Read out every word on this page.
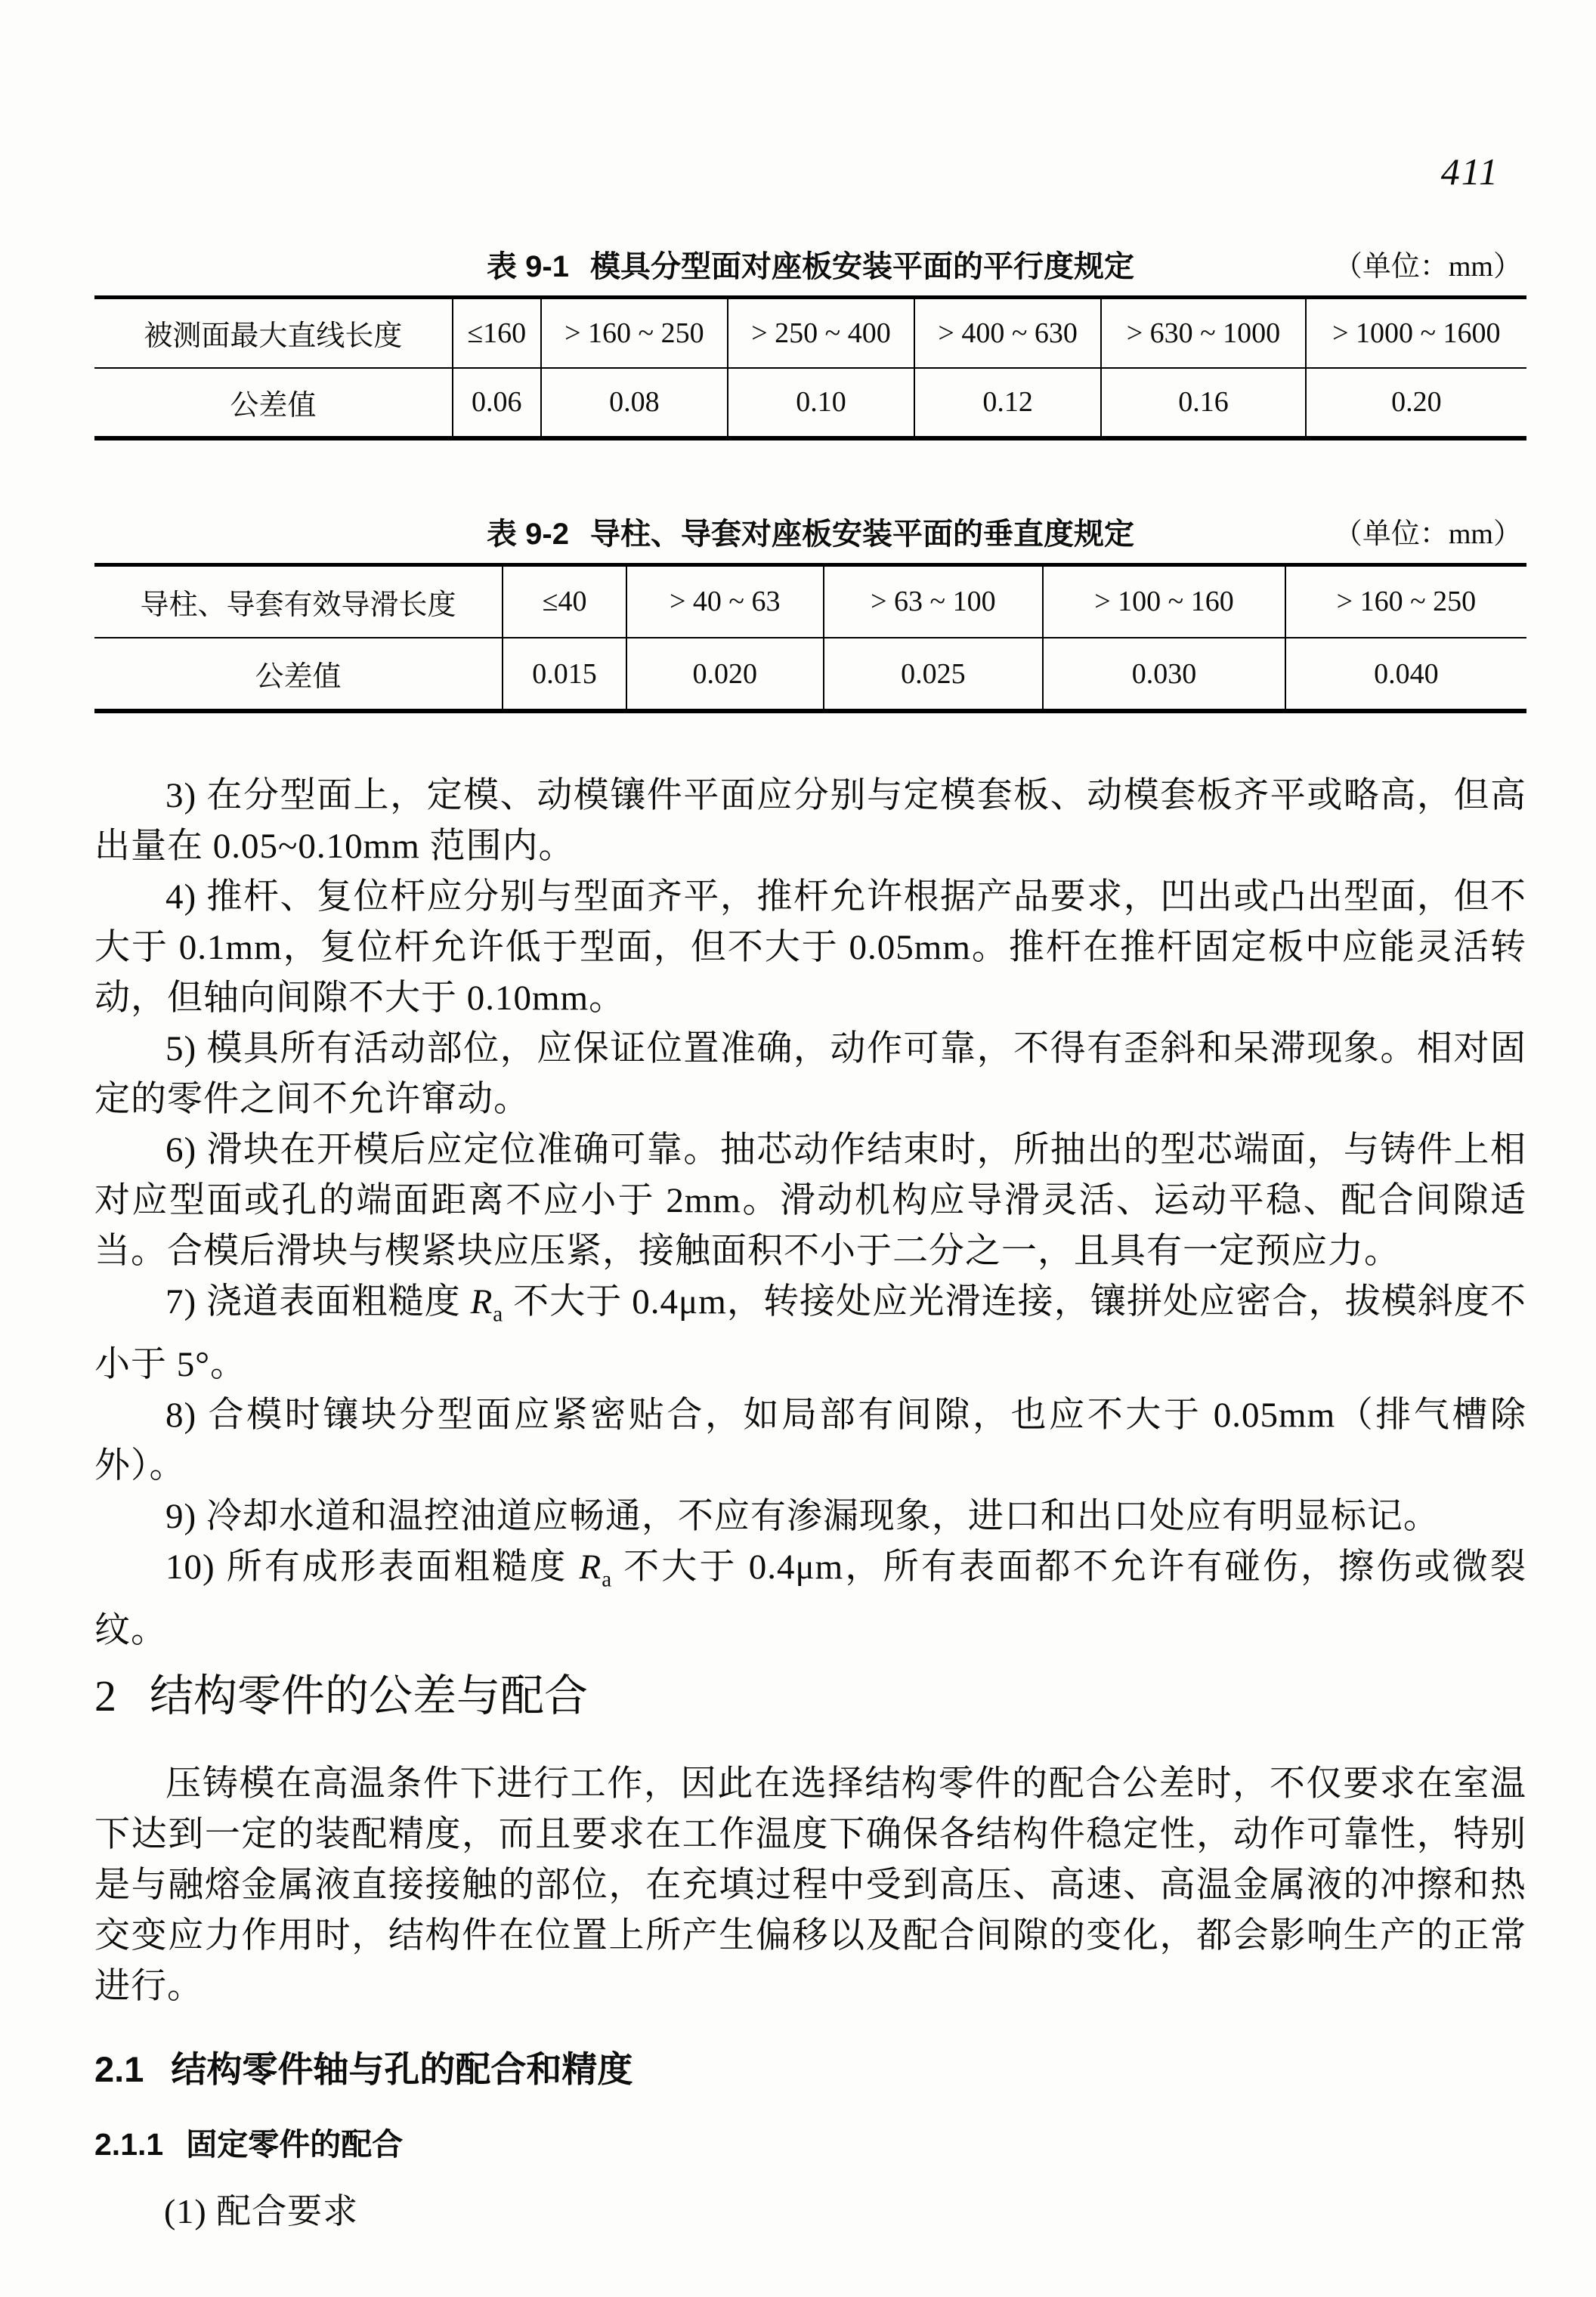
411
表 9-1 模具分型面对座板安装平面的平行度规定	（单位：mm）
被测面最大直线长度	≤160	> 160 ~ 250	> 250 ~ 400	> 400 ~ 630	> 630 ~ 1000	> 1000 ~ 1600
公差值	0.06	0.08	0.10	0.12	0.16	0.20
表 9-2 导柱、导套对座板安装平面的垂直度规定	（单位：mm）
导柱、导套有效导滑长度	≤40	> 40 ~ 63	> 63 ~ 100	> 100 ~ 160	> 160 ~ 250
公差值	0.015	0.020	0.025	0.030	0.040

3) 在分型面上，定模、动模镶件平面应分别与定模套板、动模套板齐平或略高，但高出量在 0.05~0.10mm 范围内。

4) 推杆、复位杆应分别与型面齐平，推杆允许根据产品要求，凹出或凸出型面，但不大于 0.1mm，复位杆允许低于型面，但不大于 0.05mm。推杆在推杆固定板中应能灵活转动，但轴向间隙不大于 0.10mm。

5) 模具所有活动部位，应保证位置准确，动作可靠，不得有歪斜和呆滞现象。相对固定的零件之间不允许窜动。

6) 滑块在开模后应定位准确可靠。抽芯动作结束时，所抽出的型芯端面，与铸件上相对应型面或孔的端面距离不应小于 2mm。滑动机构应导滑灵活、运动平稳、配合间隙适当。合模后滑块与楔紧块应压紧，接触面积不小于二分之一，且具有一定预应力。

7) 浇道表面粗糙度 $R_a$ 不大于 0.4μm，转接处应光滑连接，镶拼处应密合，拔模斜度不小于 5°。

8) 合模时镶块分型面应紧密贴合，如局部有间隙，也应不大于 0.05mm（排气槽除外）。

9) 冷却水道和温控油道应畅通，不应有渗漏现象，进口和出口处应有明显标记。

10) 所有成形表面粗糙度 $R_a$ 不大于 0.4μm，所有表面都不允许有碰伤，擦伤或微裂纹。

2 结构零件的公差与配合

压铸模在高温条件下进行工作，因此在选择结构零件的配合公差时，不仅要求在室温下达到一定的装配精度，而且要求在工作温度下确保各结构件稳定性，动作可靠性，特别是与融熔金属液直接接触的部位，在充填过程中受到高压、高速、高温金属液的冲擦和热交变应力作用时，结构件在位置上所产生偏移以及配合间隙的变化，都会影响生产的正常进行。

2.1 结构零件轴与孔的配合和精度
2.1.1 固定零件的配合

(1) 配合要求
